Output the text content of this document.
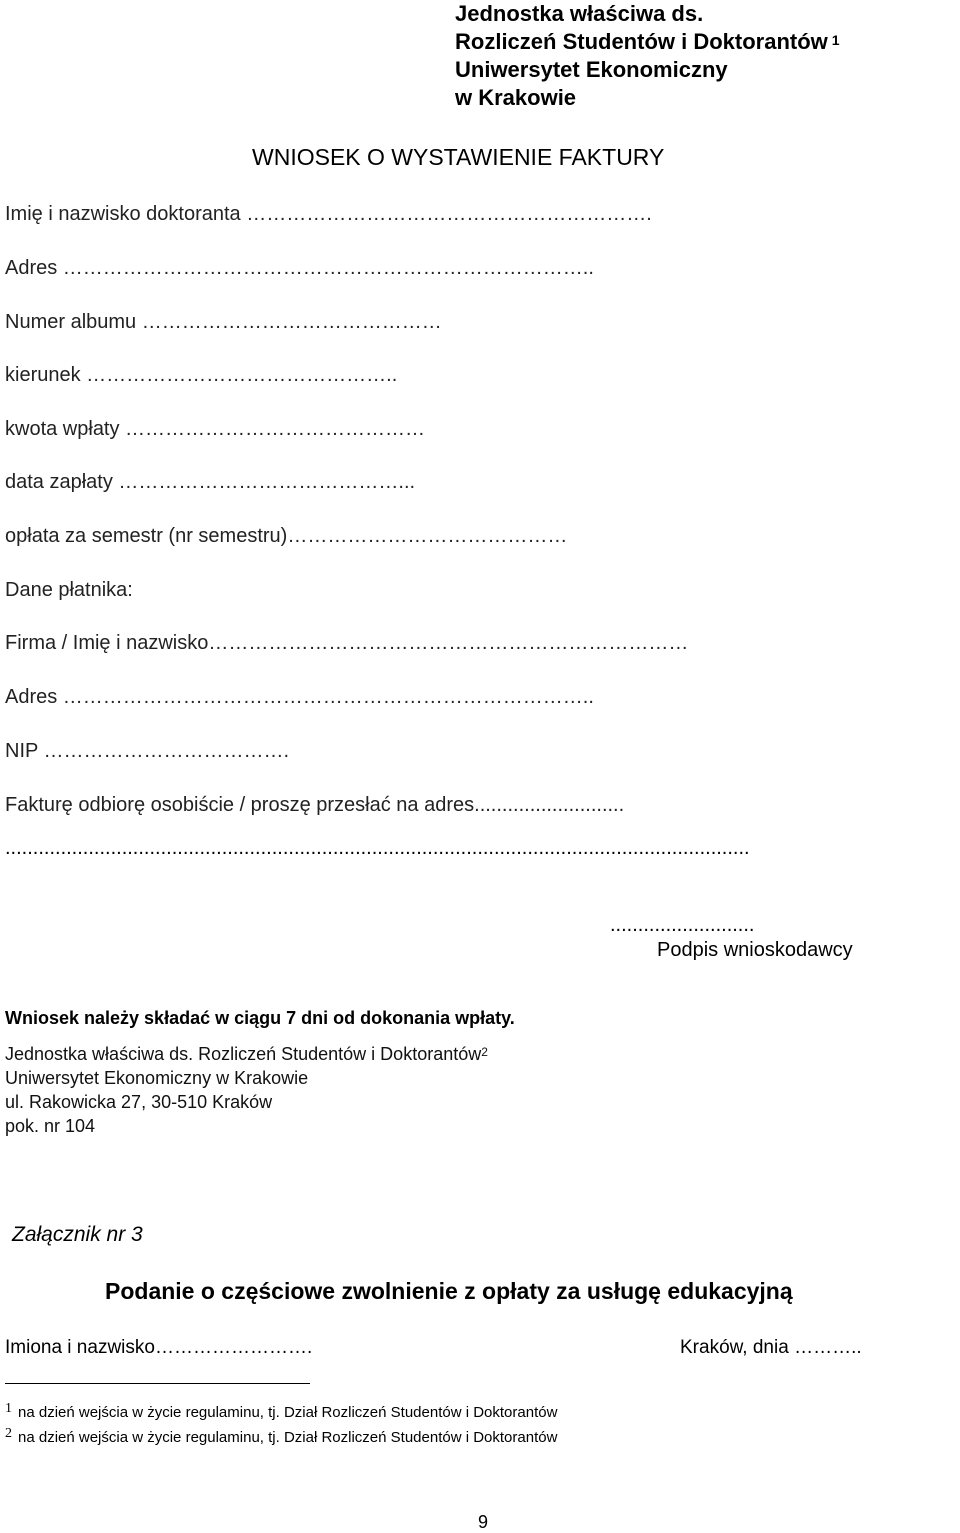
Jednostka właściwa ds.
Rozliczeń Studentów i Doktorantów $^1$
Uniwersytet Ekonomiczny
w Krakowie
WNIOSEK O WYSTAWIENIE FAKTURY
Imię i nazwisko doktoranta …………………………………………………….
Adres ……………………………………………………………………..
Numer albumu ………………………………………
kierunek ………………………………………..
kwota wpłaty ………………………………………
data zapłaty ……………………………………...
opłata za semestr (nr semestru)……………………………………
Dane płatnika:
Firma / Imię i nazwisko………………………………………………………………
Adres ……………………………………………………………………..
NIP ……………………………….
Fakturę odbiorę osobiście / proszę przesłać na adres...........................
......................................................................................................................................
..........................
Podpis wnioskodawcy
Wniosek należy składać w ciągu 7 dni od dokonania wpłaty.
Jednostka właściwa ds. Rozliczeń Studentów i Doktorantów$^2$
Uniwersytet Ekonomiczny w Krakowie
ul. Rakowicka 27, 30-510 Kraków
pok. nr 104
Załącznik nr 3
Podanie o częściowe zwolnienie z opłaty za usługę edukacyjną
Imiona i nazwisko…………………….	Kraków, dnia ………..
1 na dzień wejścia w życie regulaminu, tj. Dział Rozliczeń Studentów i Doktorantów
2 na dzień wejścia w życie regulaminu, tj. Dział Rozliczeń Studentów i Doktorantów
9
